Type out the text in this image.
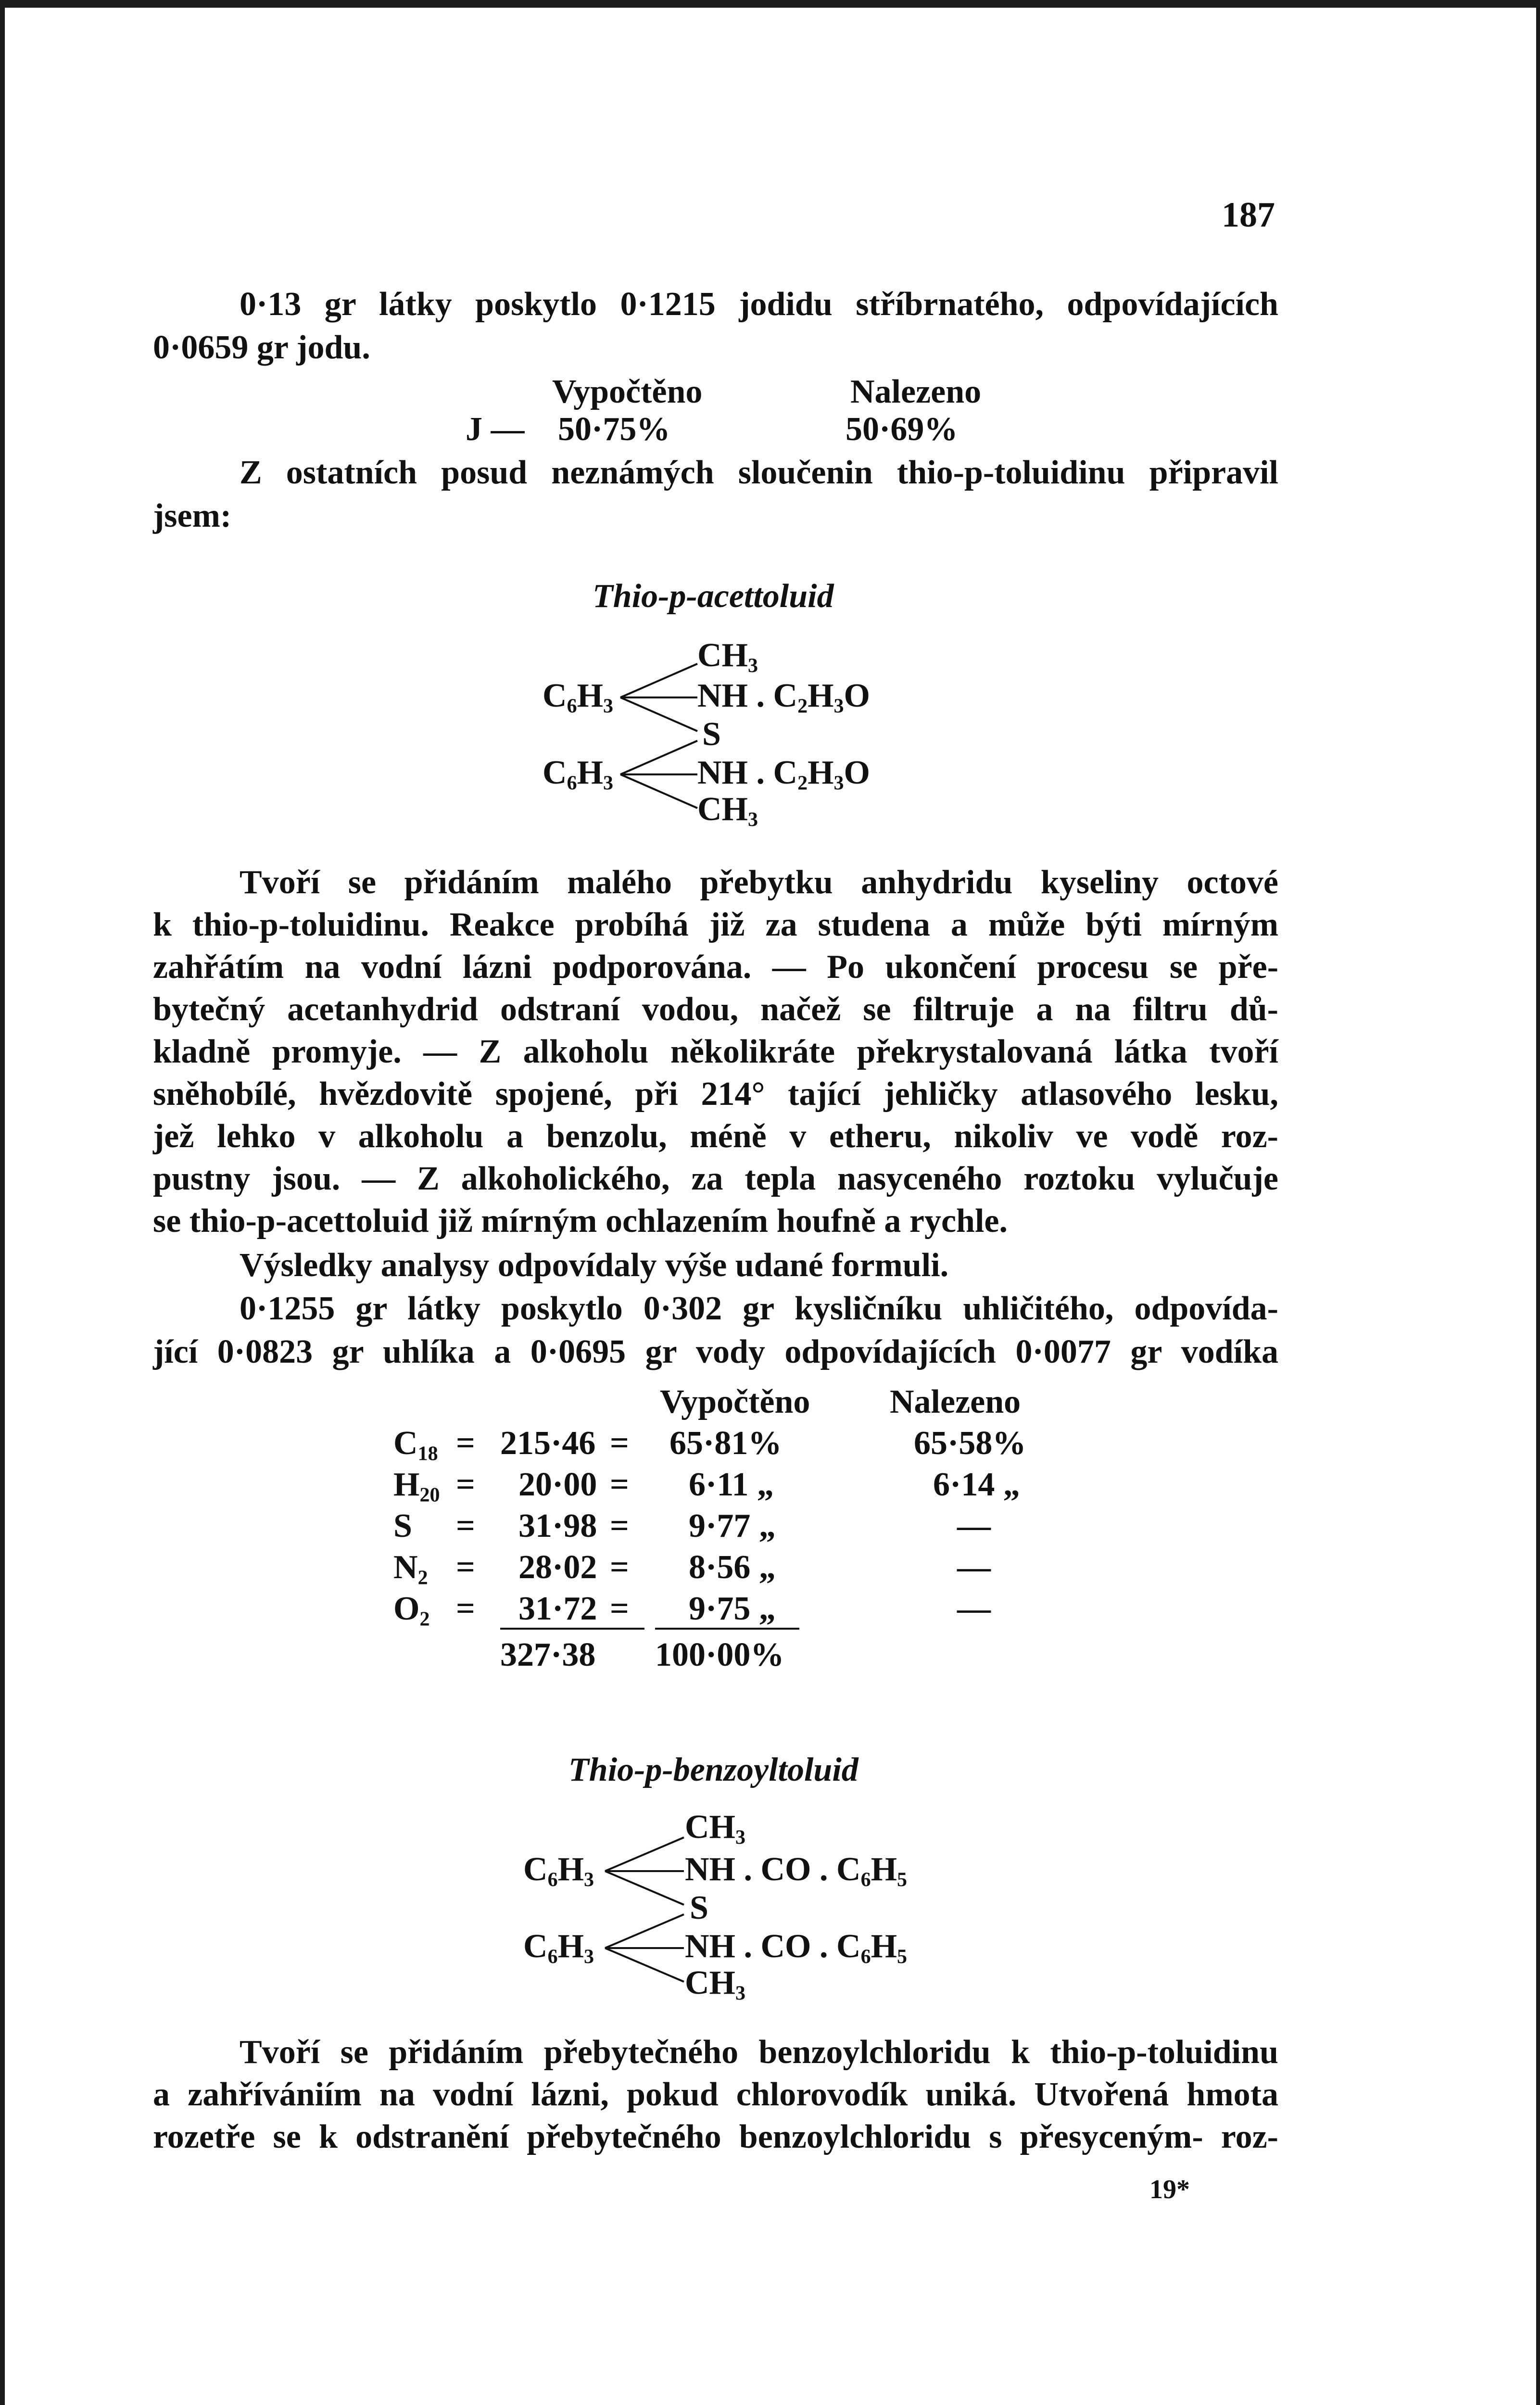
187
0·13 gr látky poskytlo 0·1215 jodidu stříbrnatého, odpovídajících
0·0659 gr jodu.
Vypočtěno	Nalezeno
J — 50·75%	50·69%
Z ostatních posud neznámých sloučenin thio-p-toluidinu připravil
jsem:
Thio-p-acettoluid
$CH_3$
$C_6H_3$ NH . $C_2H_3O$
S
$C_6H_3$ NH . $C_2H_3O$
$CH_3$
Tvoří se přidáním malého přebytku anhydridu kyseliny octové
k thio-p-toluidinu. Reakce probíhá již za studena a může býti mírným
zahřátím na vodní lázni podporována. — Po ukončení procesu se pře-
bytečný acetanhydrid odstraní vodou, načež se filtruje a na filtru dů-
kladně promyje. — Z alkoholu několikráte překrystalovaná látka tvoří
sněhobílé, hvězdovitě spojené, při 214° tající jehličky atlasového lesku,
jež lehko v alkoholu a benzolu, méně v etheru, nikoliv ve vodě roz-
pustny jsou. — Z alkoholického, za tepla nasyceného roztoku vylučuje
se thio-p-acettoluid již mírným ochlazením houfně a rychle.
Výsledky analysy odpovídaly výše udané formuli.
0·1255 gr látky poskytlo 0·302 gr kysličníku uhličitého, odpovída-
jící 0·0823 gr uhlíka a 0·0695 gr vody odpovídajících 0·0077 gr vodíka
Vypočtěno Nalezeno
$C_{18} = 215\cdot 46 = 65\cdot 81\%$	65·58%
$H_{20} = 20\cdot 00 = 6\cdot 11$ „	6·14 „
S = 31·98 = 9·77 „	—
$N_2 = 28\cdot 02 = 8\cdot 56$ „	—
$O_2 = 31\cdot 72 = 9\cdot 75$ „	—
327·38 100·00%
Thio-p-benzoyltoluid
$CH_3$
$C_6H_3$	NH . CO . $C_6H_5$
S
$C_6H_3$	NH . CO . $C_6H_5$
$CH_3$
Tvoří se přidáním přebytečného benzoylchloridu k thio-p-toluidinu
a zahřívániím na vodní lázni, pokud chlorovodík uniká. Utvořená hmota
rozetře se k odstranění přebytečného benzoylchloridu s přesyceným- roz-
19*
